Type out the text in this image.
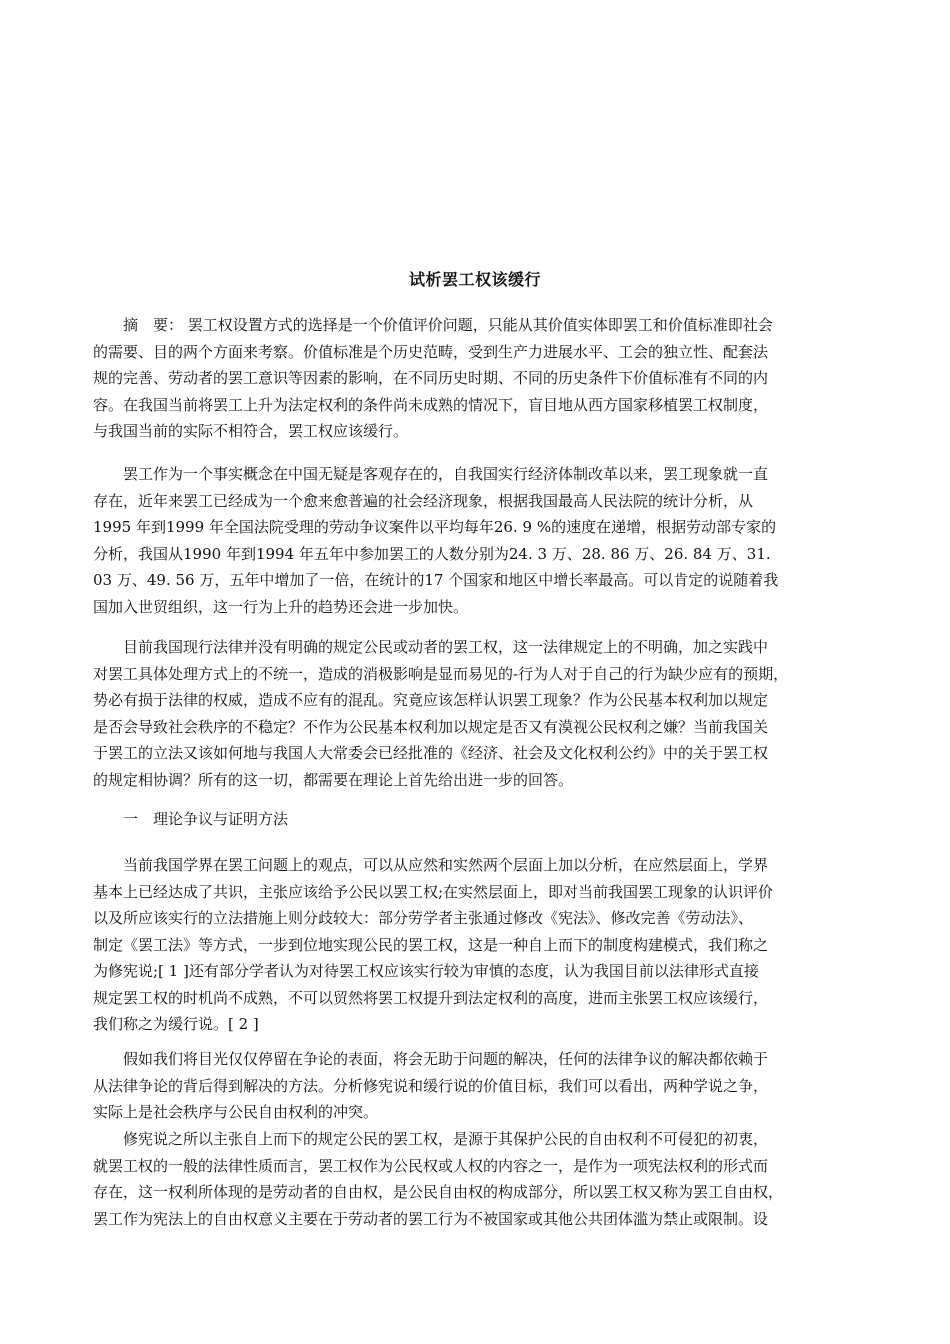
试析罢工权该缓行
　　摘　要： 罢工权设置方式的选择是一个价值评价问题，只能从其价值实体即罢工和价值标准即社会
的需要、目的两个方面来考察。价值标准是个历史范畴，受到生产力进展水平、工会的独立性、配套法
规的完善、劳动者的罢工意识等因素的影响，在不同历史时期、不同的历史条件下价值标准有不同的内
容。在我国当前将罢工上升为法定权利的条件尚未成熟的情况下，盲目地从西方国家移植罢工权制度，
与我国当前的实际不相符合，罢工权应该缓行。
　　罢工作为一个事实概念在中国无疑是客观存在的，自我国实行经济体制改革以来，罢工现象就一直
存在，近年来罢工已经成为一个愈来愈普遍的社会经济现象，根据我国最高人民法院的统计分析，从
1995 年到1999 年全国法院受理的劳动争议案件以平均每年26. 9 %的速度在递增，根据劳动部专家的
分析，我国从1990 年到1994 年五年中参加罢工的人数分别为24. 3 万、28. 86 万、26. 84 万、31.
03 万、49. 56 万，五年中增加了一倍，在统计的17 个国家和地区中增长率最高。可以肯定的说随着我
国加入世贸组织，这一行为上升的趋势还会进一步加快。
　　目前我国现行法律并没有明确的规定公民或动者的罢工权，这一法律规定上的不明确，加之实践中
对罢工具体处理方式上的不统一，造成的消极影响是显而易见的-行为人对于自己的行为缺少应有的预期，
势必有损于法律的权威，造成不应有的混乱。究竟应该怎样认识罢工现象？作为公民基本权利加以规定
是否会导致社会秩序的不稳定？不作为公民基本权利加以规定是否又有漠视公民权利之嫌？当前我国关
于罢工的立法又该如何地与我国人大常委会已经批准的《经济、社会及文化权利公约》中的关于罢工权
的规定相协调？所有的这一切，都需要在理论上首先给出进一步的回答。
　　一　理论争议与证明方法
　　当前我国学界在罢工问题上的观点，可以从应然和实然两个层面上加以分析，在应然层面上，学界
基本上已经达成了共识，主张应该给予公民以罢工权;在实然层面上，即对当前我国罢工现象的认识评价
以及所应该实行的立法措施上则分歧较大：部分劳学者主张通过修改《宪法》、修改完善《劳动法》、
制定《罢工法》等方式，一步到位地实现公民的罢工权，这是一种自上而下的制度构建模式，我们称之
为修宪说;[ 1 ]还有部分学者认为对待罢工权应该实行较为审慎的态度，认为我国目前以法律形式直接
规定罢工权的时机尚不成熟，不可以贸然将罢工权提升到法定权利的高度，进而主张罢工权应该缓行，
我们称之为缓行说。[ 2 ]
　　假如我们将目光仅仅停留在争论的表面，将会无助于问题的解决，任何的法律争议的解决都依赖于
从法律争论的背后得到解决的方法。分析修宪说和缓行说的价值目标，我们可以看出，两种学说之争，
实际上是社会秩序与公民自由权利的冲突。
　　修宪说之所以主张自上而下的规定公民的罢工权，是源于其保护公民的自由权利不可侵犯的初衷，
就罢工权的一般的法律性质而言，罢工权作为公民权或人权的内容之一，是作为一项宪法权利的形式而
存在，这一权利所体现的是劳动者的自由权，是公民自由权的构成部分，所以罢工权又称为罢工自由权，
罢工作为宪法上的自由权意义主要在于劳动者的罢工行为不被国家或其他公共团体滥为禁止或限制。设
